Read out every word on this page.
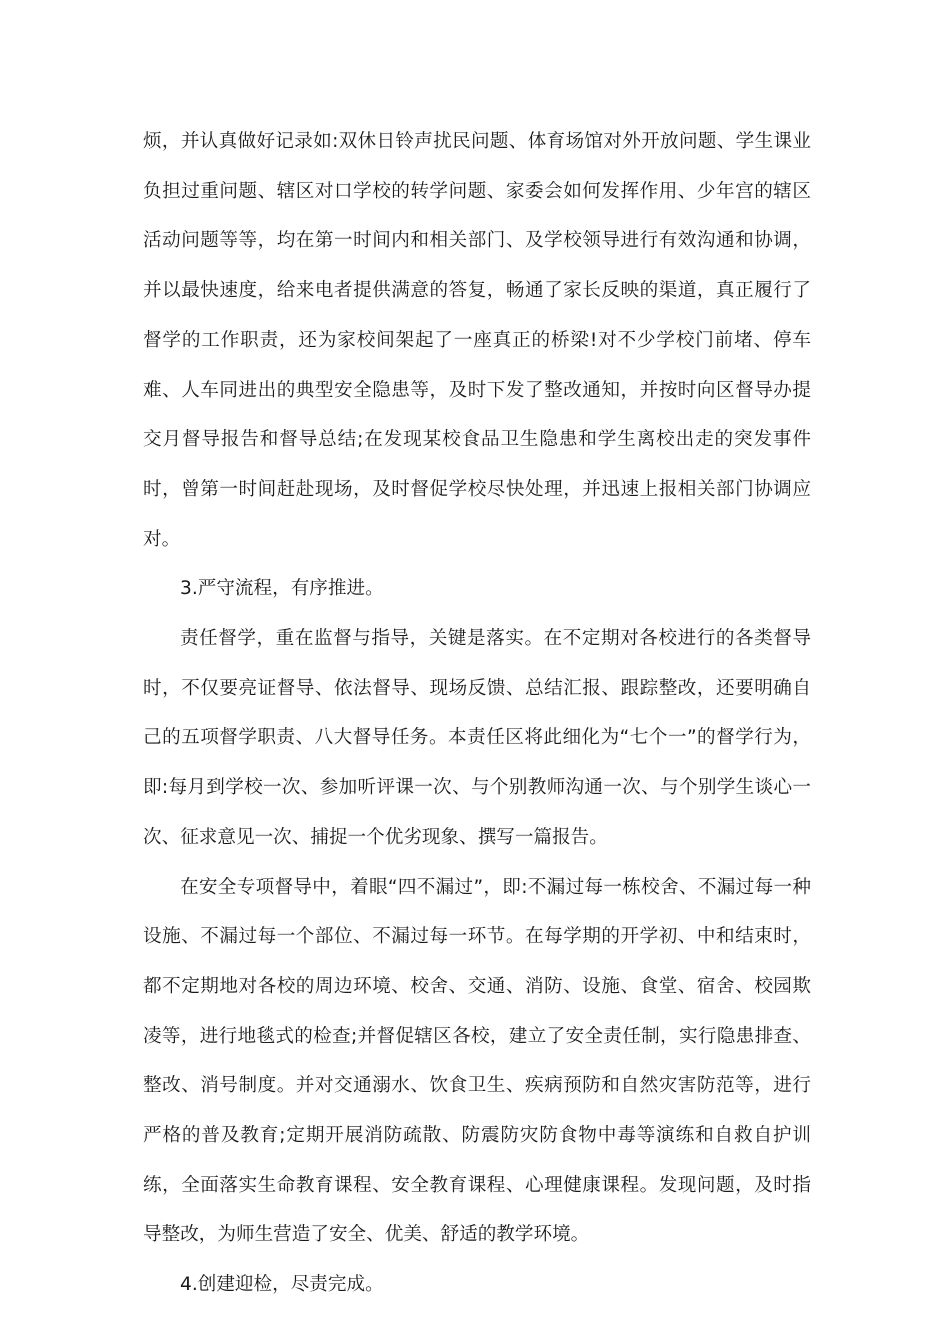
烦，并认真做好记录如:双休日铃声扰民问题、体育场馆对外开放问题、学生课业负担过重问题、辖区对口学校的转学问题、家委会如何发挥作用、少年宫的辖区活动问题等等，均在第一时间内和相关部门、及学校领导进行有效沟通和协调，并以最快速度，给来电者提供满意的答复，畅通了家长反映的渠道，真正履行了督学的工作职责，还为家校间架起了一座真正的桥梁!对不少学校门前堵、停车难、人车同进出的典型安全隐患等，及时下发了整改通知，并按时向区督导办提交月督导报告和督导总结;在发现某校食品卫生隐患和学生离校出走的突发事件时，曾第一时间赶赴现场，及时督促学校尽快处理，并迅速上报相关部门协调应对。

3.严守流程，有序推进。

责任督学，重在监督与指导，关键是落实。在不定期对各校进行的各类督导时，不仅要亮证督导、依法督导、现场反馈、总结汇报、跟踪整改，还要明确自己的五项督学职责、八大督导任务。本责任区将此细化为“七个一”的督学行为，即:每月到学校一次、参加听评课一次、与个别教师沟通一次、与个别学生谈心一次、征求意见一次、捕捉一个优劣现象、撰写一篇报告。

在安全专项督导中，着眼“四不漏过”，即:不漏过每一栋校舍、不漏过每一种设施、不漏过每一个部位、不漏过每一环节。在每学期的开学初、中和结束时，都不定期地对各校的周边环境、校舍、交通、消防、设施、食堂、宿舍、校园欺凌等，进行地毯式的检查;并督促辖区各校，建立了安全责任制，实行隐患排查、整改、消号制度。并对交通溺水、饮食卫生、疾病预防和自然灾害防范等，进行严格的普及教育;定期开展消防疏散、防震防灾防食物中毒等演练和自救自护训练，全面落实生命教育课程、安全教育课程、心理健康课程。发现问题，及时指导整改，为师生营造了安全、优美、舒适的教学环境。

4.创建迎检，尽责完成。
